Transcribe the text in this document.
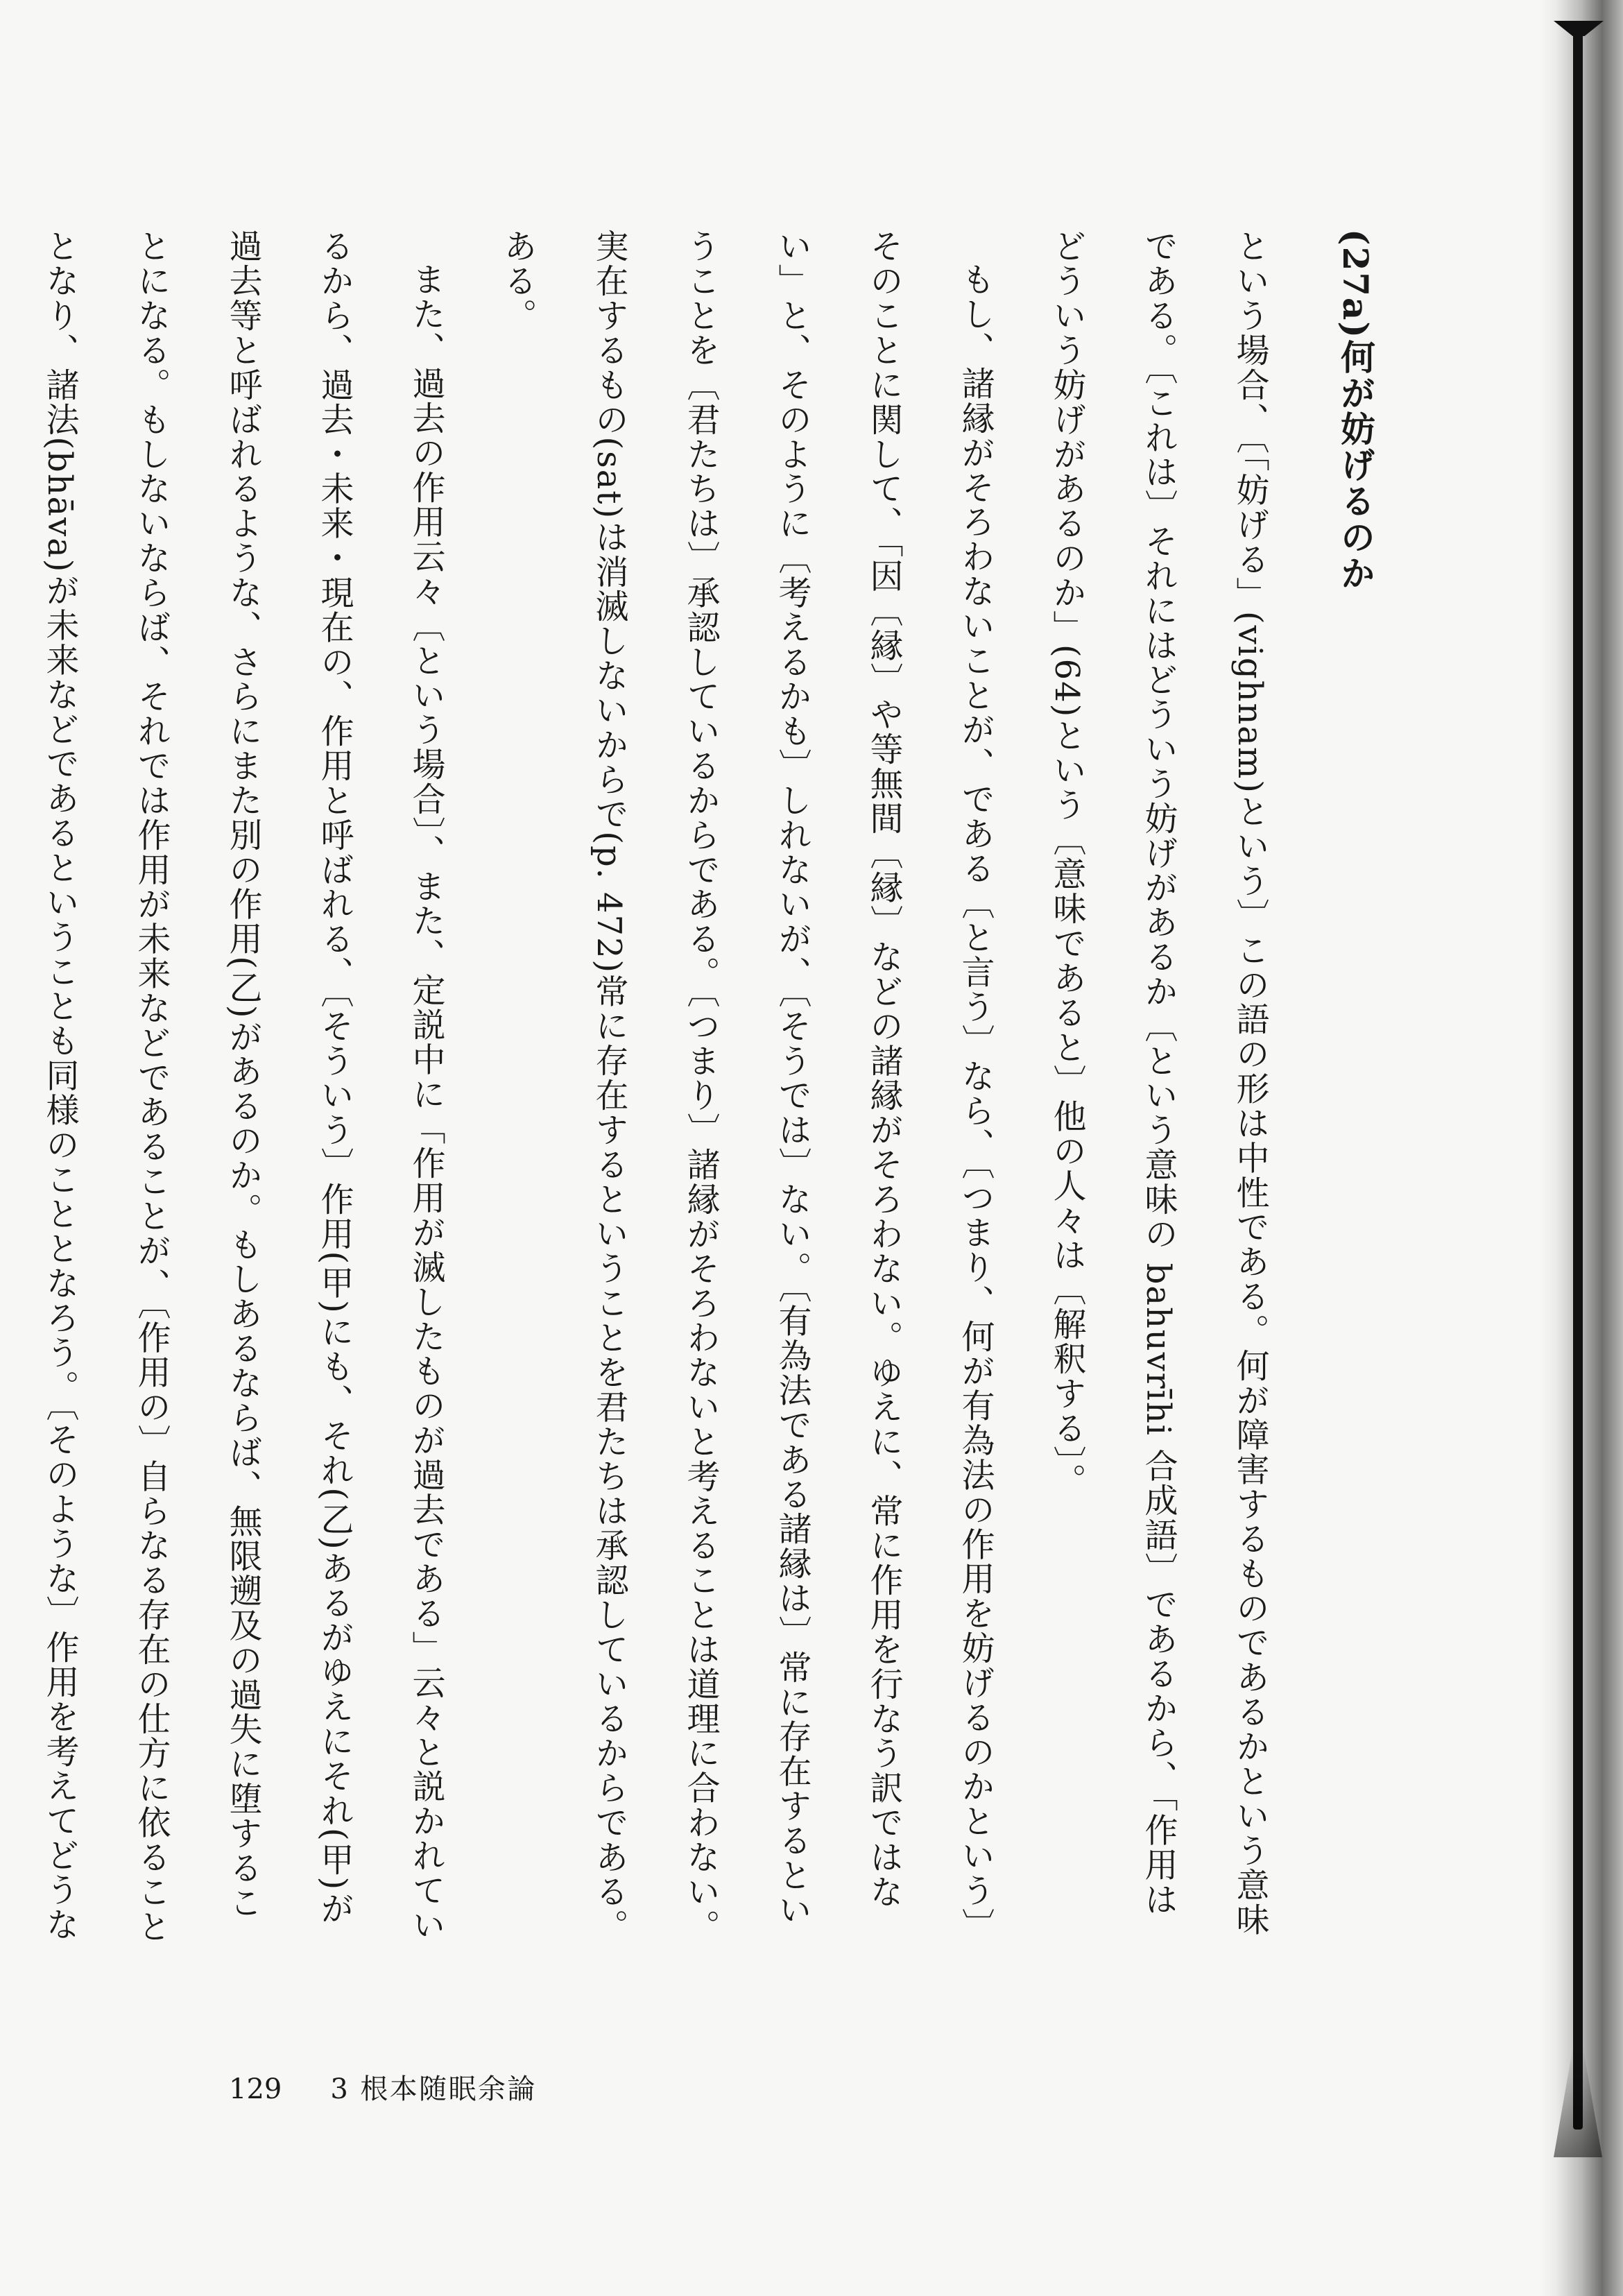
(27a)何が妨げるのか

という場合、〔「妨げる」(vighnam)という〕この語の形は中性である。何が障害するものであるかという意味である。〔これは〕それにはどういう妨げがあるか〔という意味の bahuvrīhi 合成語〕であるから、「作用はどういう妨げがあるのか」(64)という〔意味であると〕他の人々は〔解釈する〕。

もし、諸縁がそろわないことが、である〔と言う〕なら、〔つまり、何が有為法の作用を妨げるのかという〕そのことに関して、「因〔縁〕や等無間〔縁〕などの諸縁がそろわない。ゆえに、常に作用を行なう訳ではない」と、そのように〔考えるかも〕しれないが、〔そうでは〕ない。〔有為法である諸縁は〕常に存在するということを〔君たちは〕承認しているからである。〔つまり〕諸縁がそろわないと考えることは道理に合わない。実在するもの(sat)は消滅しないからで(p. 472)常に存在するということを君たちは承認しているからである。

ある。

また、過去の作用云々〔という場合〕、また、定説中に「作用が滅したものが過去である」云々と説かれているから、過去・未来・現在の、作用と呼ばれる、〔そういう〕作用(甲)にも、それ(乙)あるがゆえにそれ(甲)が過去等と呼ばれるような、さらにまた別の作用(乙)があるのか。もしあるならば、無限遡及の過失に堕することになる。もしないならば、それでは作用が未来などであることが、〔作用の〕自らなる存在の仕方に依ることとなり、諸法(bhāva)が未来などであるということも同様のこととなろう。〔そのような〕作用を考えてどうな

129 3 根本随眠余論
